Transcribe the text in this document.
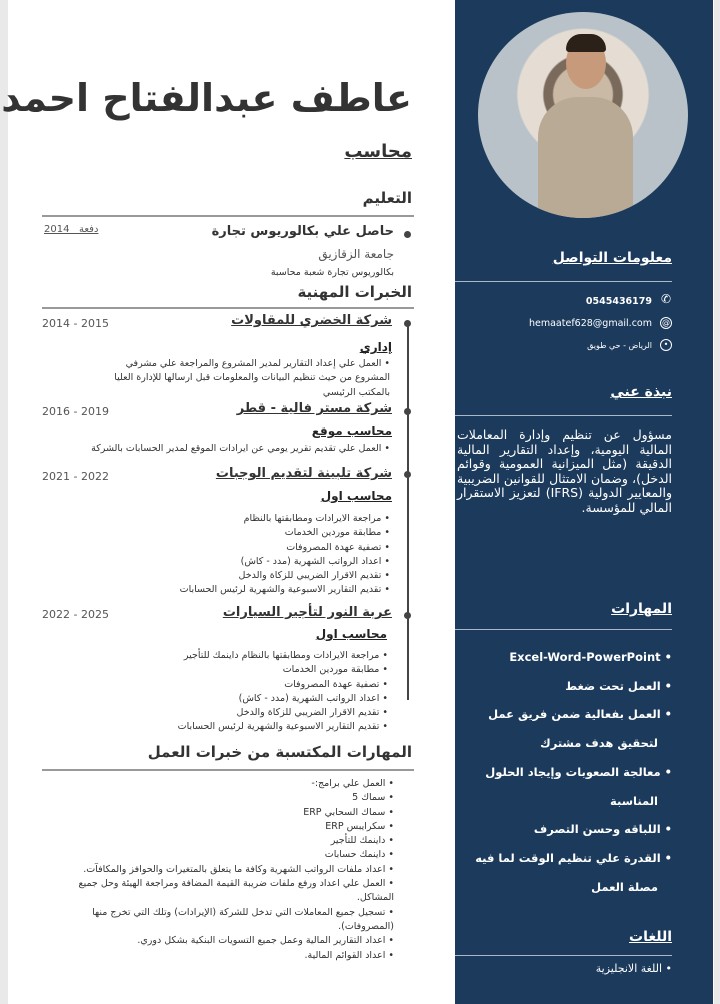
عاطف عبدالفتاح احمد
محاسب
التعليم
حاصل علي بكالوريوس تجارة
دفعة   2014
جامعة الزقازيق
بكالوريوس تجارة شعبة محاسبة
الخبرات المهنية
شركة الخضري للمقاولات
2014 - 2015
إداري
• العمل علي إعداد التقارير لمدير المشروع والمراجعة علي مشرفي المشروع من حيث تنظيم البيانات والمعلومات قبل ارسالها للإدارة العليا بالمكتب الرئيسي
شركة مستر فالية - قطر
2016 - 2019
محاسب موقع
• العمل علي تقديم تقرير يومي عن ايرادات الموقع لمدير الحسابات بالشركة
شركة تلبينة لتقديم الوجبات
2021 - 2022
محاسب اول
• مراجعة الايرادات ومطابقتها بالنظام
• مطابقة موردين الخدمات
• تصفية عهدة المصروفات
• اعداد الرواتب الشهرية (مدد - كاش)
• تقديم الاقرار الضريبي للزكاة والدخل
• تقديم التقارير الاسبوعية والشهرية لرئيس الحسابات
عربة النور لتأجير السيارات
2022 - 2025
محاسب اول
• مراجعة الايرادات ومطابقتها بالنظام داينمك للتأجير
• مطابقة موردين الخدمات
• تصفية عهدة المصروفات
• اعداد الرواتب الشهرية (مدد - كاش)
• تقديم الاقرار الضريبي للزكاة والدخل
• تقديم التقارير الاسبوعية والشهرية لرئيس الحسابات
المهارات المكتسبة من خبرات العمل
• العمل علي برامج:-
• سماك 5
• سماك السحابي ERP
• سكرايبس ERP
• داينمك للتأجير
• داينمك حسابات
• اعداد ملفات الرواتب الشهرية وكافة ما يتعلق بالمتغيرات والحوافز والمكافآت.
• العمل علي اعداد ورفع ملفات ضريبة القيمة المضافة ومراجعة الهيئة وحل جميع المشاكل.
• تسجيل جميع المعاملات التي تدخل للشركة (الإيرادات) وتلك التي تخرج منها (المصروفات).
• اعداد التقارير المالية وعمل جميع التسويات البنكية بشكل دوري.
• اعداد القوائم المالية.
معلومات التواصل
✆
0545436179
@
hemaatef628@gmail.com
•
الرياض - حي طويق
نبذة عني
مسؤول عن تنظيم وإدارة المعاملات المالية اليومية، وإعداد التقارير المالية الدقيقة (مثل الميزانية العمومية وقوائم الدخل)، وضمان الامتثال للقوانين الضريبية والمعايير الدولية (IFRS) لتعزيز الاستقرار المالي للمؤسسة.
المهارات
• Excel-Word-PowerPoint
• العمل تحت ضغط
• العمل بفعالية ضمن فريق عمل
لتحقيق هدف مشترك
• معالجة الصعوبات وإيجاد الحلول
المناسبة
• اللباقه وحسن التصرف
• القدرة علي تنظيم الوقت لما فيه
مصلة العمل
اللغات
• اللغة الانجليزية
